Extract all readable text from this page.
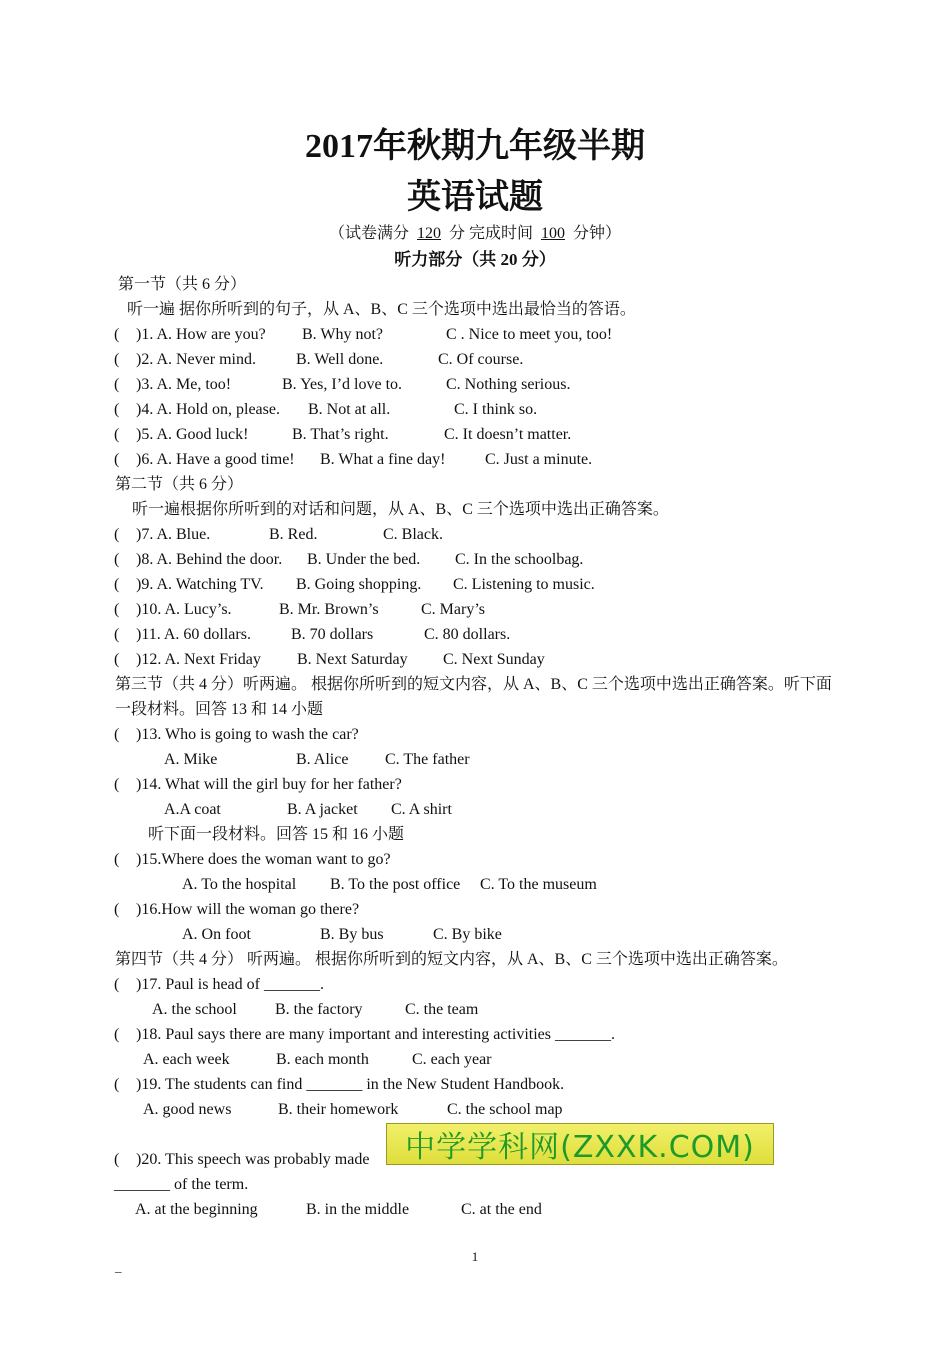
2017年秋期九年级半期
英语试题
（试卷满分 120 分 完成时间 100 分钟）
听力部分（共 20 分）
第一节（共 6 分）
听一遍 据你所听到的句子，从 A、B、C 三个选项中选出最恰当的答语。
( )1. A. How are you? B. Why not?	C . Nice to meet you, too!
( )2. A. Never mind.	B. Well done.	C. Of course.
( )3. A. Me, too!	B. Yes, I’d love to.	C. Nothing serious.
( )4. A. Hold on, please. B. Not at all.	C. I think so.
( )5. A. Good luck!	B. That’s right.	C. It doesn’t matter.
( )6. A. Have a good time! B. What a fine day! C. Just a minute.
第二节（共 6 分）
听一遍根据你所听到的对话和问题，从 A、B、C 三个选项中选出正确答案。
( )7. A. Blue.	B. Red.	C. Black.
( )8. A. Behind the door. B. Under the bed. C. In the schoolbag.
( )9. A. Watching TV. B. Going shopping. C. Listening to music.
( )10. A. Lucy’s.	B. Mr. Brown’s	C. Mary’s
( )11. A. 60 dollars.	B. 70 dollars	C. 80 dollars.
( )12. A. Next Friday B. Next Saturday C. Next Sunday
第三节（共 4 分）听两遍。 根据你所听到的短文内容，从 A、B、C 三个选项中选出正确答案。听下面
一段材料。回答 13 和 14 小题
( )13. Who is going to wash the car?
A. Mike	B. Alice C. The father
( )14. What will the girl buy for her father?
A.A coat	B. A jacket C. A shirt
听下面一段材料。回答 15 和 16 小题
( )15.Where does the woman want to go?
A. To the hospital B. To the post office C. To the museum
( )16.How will the woman go there?
A. On foot	B. By bus	C. By bike
第四节（共 4 分） 听两遍。 根据你所听到的短文内容，从 A、B、C 三个选项中选出正确答案。
( )17. Paul is head of _______.
A. the school B. the factory	C. the team
( )18. Paul says there are many important and interesting activities _______.
A. each week	B. each month	C. each year
( )19. The students can find _______ in the New Student Handbook.
A. good news	B. their homework	C. the school map
( )20. This speech was probably made
_______ of the term.
A. at the beginning	B. in the middle	C. at the end
中学学科网(ZXXK.COM)
1
_
